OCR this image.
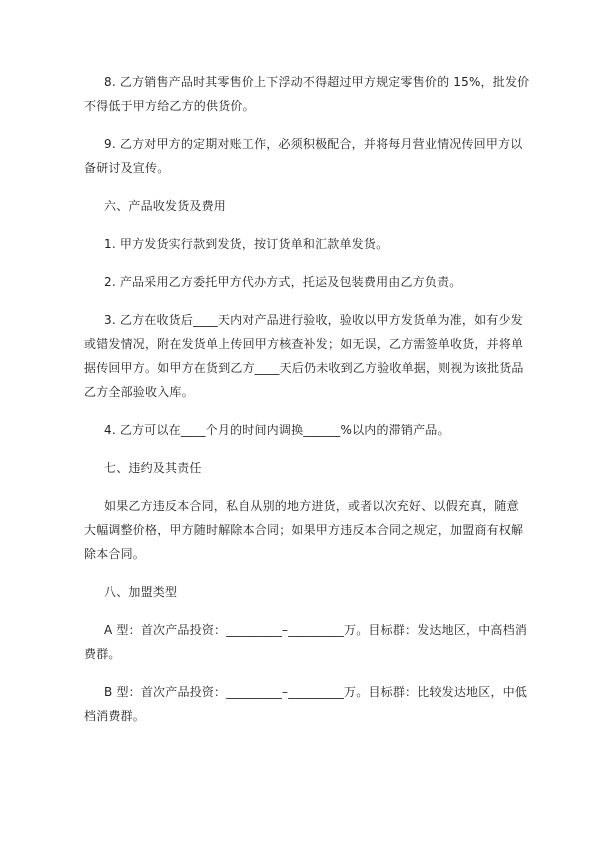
8. 乙方销售产品时其零售价上下浮动不得超过甲方规定零售价的 15%，批发价不得低于甲方给乙方的供货价。

9. 乙方对甲方的定期对账工作，必须积极配合，并将每月营业情况传回甲方以备研讨及宣传。

六、产品收发货及费用

1. 甲方发货实行款到发货，按订货单和汇款单发货。

2. 产品采用乙方委托甲方代办方式，托运及包装费用由乙方负责。

3. 乙方在收货后____天内对产品进行验收，验收以甲方发货单为准，如有少发或错发情况，附在发货单上传回甲方核查补发；如无误，乙方需签单收货，并将单据传回甲方。如甲方在货到乙方____天后仍未收到乙方验收单据，则视为该批货品乙方全部验收入库。

4. 乙方可以在____个月的时间内调换______%以内的滞销产品。

七、违约及其责任

如果乙方违反本合同，私自从别的地方进货，或者以次充好、以假充真，随意大幅调整价格，甲方随时解除本合同；如果甲方违反本合同之规定，加盟商有权解除本合同。

八、加盟类型

A 型：首次产品投资：_________–_________万。目标群：发达地区，中高档消费群。

B 型：首次产品投资：_________–_________万。目标群：比较发达地区，中低档消费群。
